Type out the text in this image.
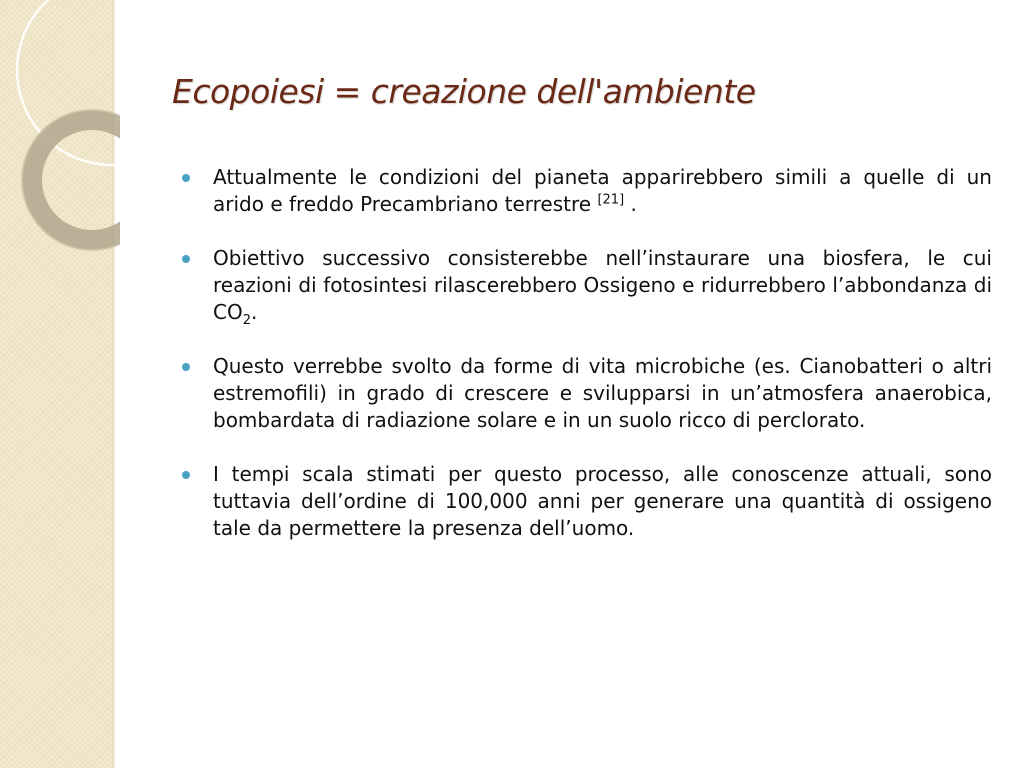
Ecopoiesi = creazione dell'ambiente
Attualmente le condizioni del pianeta apparirebbero simili a quelle di un arido e freddo Precambriano terrestre [21] .
Obiettivo successivo consisterebbe nell’instaurare una biosfera, le cui reazioni di fotosintesi rilascerebbero Ossigeno e ridurrebbero l’abbondanza di $CO_2$.
Questo verrebbe svolto da forme di vita microbiche (es. Cianobatteri o altri estremofili) in grado di crescere e svilupparsi in un’atmosfera anaerobica, bombardata di radiazione solare e in un suolo ricco di perclorato.
I tempi scala stimati per questo processo, alle conoscenze attuali, sono tuttavia dell’ordine di 100,000 anni per generare una quantità di ossigeno tale da permettere la presenza dell’uomo.
